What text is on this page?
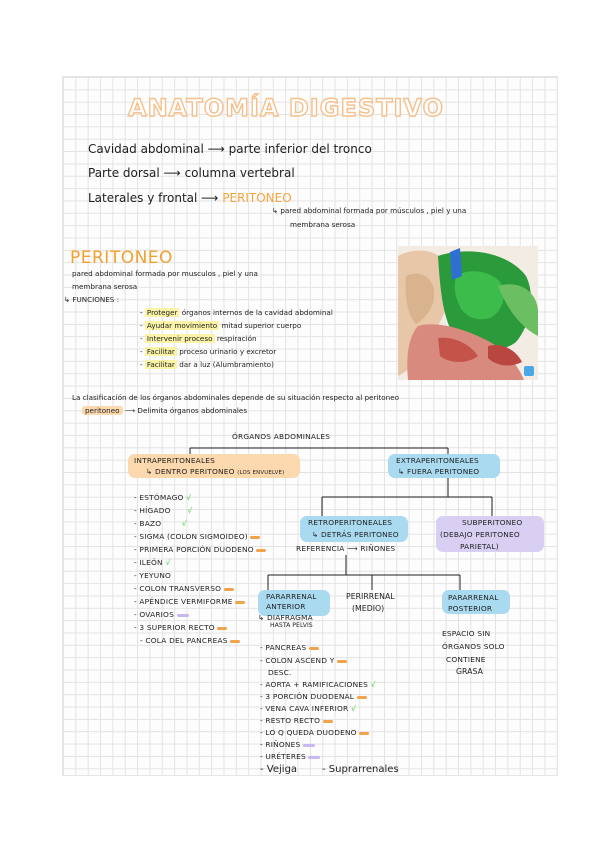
ANATOMÍA DIGESTIVO
Cavidad abdominal ⟶ parte inferior del tronco
Parte dorsal ⟶ columna vertebral
Laterales y frontal ⟶ PERITONEO
↳ pared abdominal formada por músculos , piel y una
membrana serosa
PERITONEO
pared abdominal formada por musculos , piel y una
membrana serosa
↳ FUNCIONES :
- Proteger órganos internos de la cavidad abdominal
- Ayudar movimiento mitad superior cuerpo
- Intervenir proceso respiración
- Facilitar proceso urinario y excretor
- Facilitar dar a luz (Alumbramiento)
La clasificación de los órganos abdominales depende de su situación respecto al peritoneo
peritoneo ⟶ Delimita órganos abdominales
ÓRGANOS ABDOMINALES
INTRAPERITONEALES
↳ DENTRO PERITONEO (LOS ENVUELVE)
EXTRAPERITONEALES
↳ FUERA PERITONEO
- ESTÓMAGO √
- HÍGADO √
- BAZO	√
- SIGMA (COLON SIGMOIDEO)
- PRIMERA PORCIÓN DUODENO
- ILEÓN √
- YEYUNO
- COLON TRANSVERSO
- APÉNDICE VERMIFORME
- OVARIOS
- 3 SUPERIOR RECTO
- COLA DEL PANCREAS
RETROPERITONEALES
↳ DETRÁS PERITONEO
REFERENCIA ⟶ RIÑONES
SUBPERITONEO
(DEBAJO PERITONEO
PARIETAL)
PARARRENAL
ANTERIOR
↳ DIAFRAGMA
HASTA PELVIS
PERIRRENAL
(MEDIO)
PARARRENAL
POSTERIOR
ESPACIO SIN
ÓRGANOS SOLO
CONTIENE
GRASA
- PANCREAS
- COLON ASCEND Y
DESC.
- AORTA + RAMIFICACIONES √
- 3 PORCIÓN DUODENAL
- VENA CAVA INFERIOR √
- RESTO RECTO
- LO Q QUEDA DUODENO
- RIÑONES
- URÉTERES
- Vejiga - Suprarrenales
